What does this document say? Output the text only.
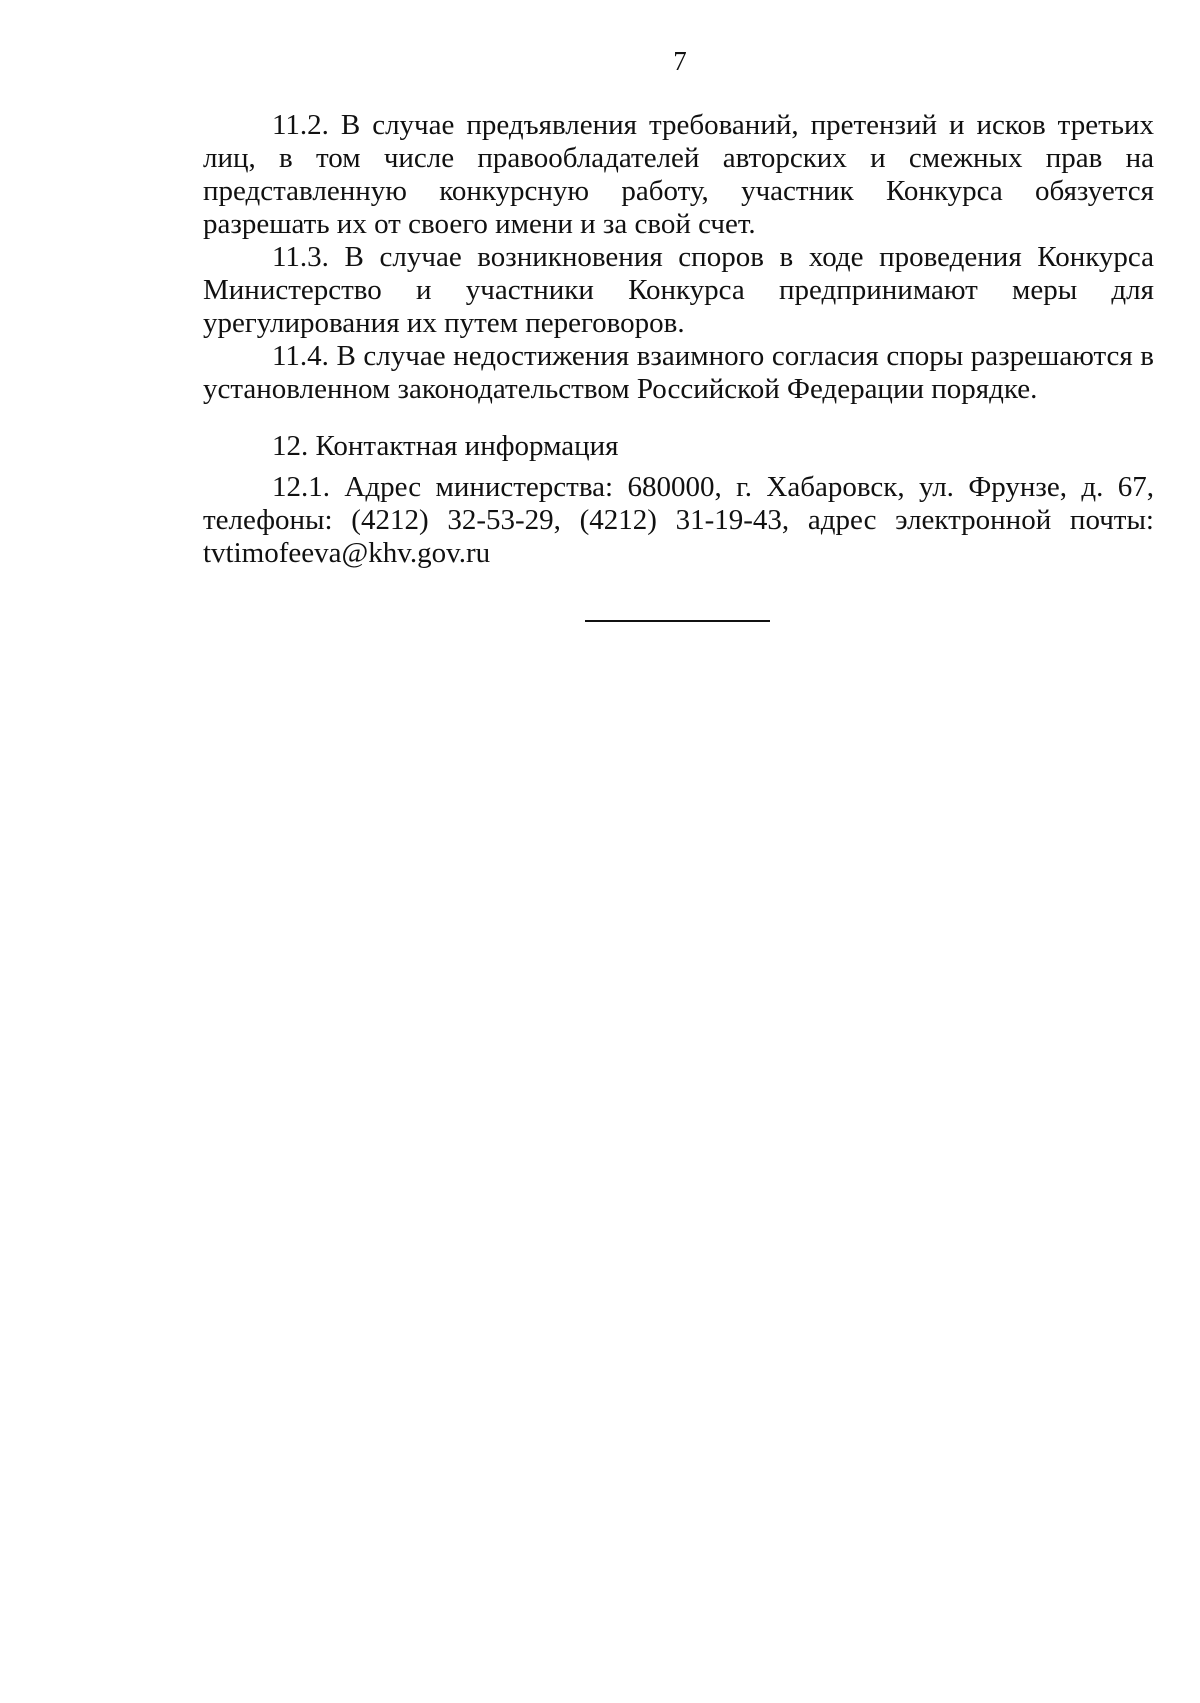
7

11.2. В случае предъявления требований, претензий и исков третьих лиц, в том числе правообладателей авторских и смежных прав на представленную конкурсную работу, участник Конкурса обязуется разрешать их от своего имени и за свой счет.

11.3. В случае возникновения споров в ходе проведения Конкурса Министерство и участники Конкурса предпринимают меры для урегулирования их путем переговоров.

11.4. В случае недостижения взаимного согласия споры разрешаются в установленном законодательством Российской Федерации порядке.

12. Контактная информация

12.1. Адрес министерства: 680000, г. Хабаровск, ул. Фрунзе, д. 67, телефоны: (4212) 32-53-29, (4212) 31-19-43, адрес электронной почты: tvtimofeeva@khv.gov.ru
